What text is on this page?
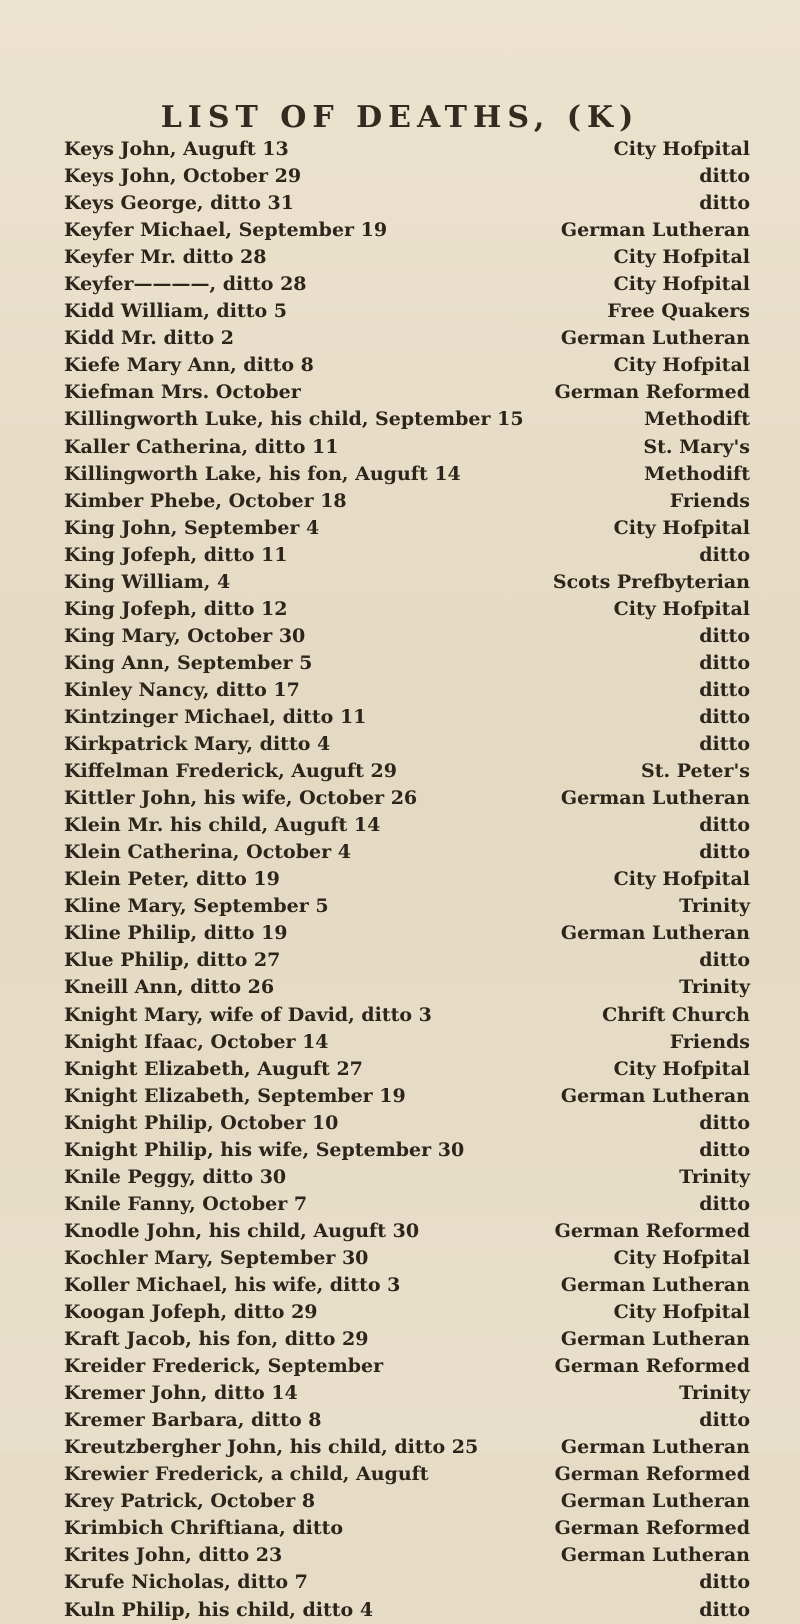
LIST OF DEATHS, (K)
Keys John, Auguft 13	City Hofpital
Keys John, October 29	ditto
Keys George, ditto 31	ditto
Keyfer Michael, September 19	German Lutheran
Keyfer Mr. ditto 28	City Hofpital
Keyfer————, ditto 28	City Hofpital
Kidd William, ditto 5	Free Quakers
Kidd Mr. ditto 2	German Lutheran
Kiefe Mary Ann, ditto 8	City Hofpital
Kiefman Mrs. October	German Reformed
Killingworth Luke, his child, September 15	Methodift
Kaller Catherina, ditto 11	St. Mary's
Killingworth Lake, his fon, Auguft 14	Methodift
Kimber Phebe, October 18	Friends
King John, September 4	City Hofpital
King Jofeph, ditto 11	ditto
King William, 4	Scots Prefbyterian
King Jofeph, ditto 12	City Hofpital
King Mary, October 30	ditto
King Ann, September 5	ditto
Kinley Nancy, ditto 17	ditto
Kintzinger Michael, ditto 11	ditto
Kirkpatrick Mary, ditto 4	ditto
Kiffelman Frederick, Auguft 29	St. Peter's
Kittler John, his wife, October 26	German Lutheran
Klein Mr. his child, Auguft 14	ditto
Klein Catherina, October 4	ditto
Klein Peter, ditto 19	City Hofpital
Kline Mary, September 5	Trinity
Kline Philip, ditto 19	German Lutheran
Klue Philip, ditto 27	ditto
Kneill Ann, ditto 26	Trinity
Knight Mary, wife of David, ditto 3	Chrift Church
Knight Ifaac, October 14	Friends
Knight Elizabeth, Auguft 27	City Hofpital
Knight Elizabeth, September 19	German Lutheran
Knight Philip, October 10	ditto
Knight Philip, his wife, September 30	ditto
Knile Peggy, ditto 30	Trinity
Knile Fanny, October 7	ditto
Knodle John, his child, Auguft 30	German Reformed
Kochler Mary, September 30	City Hofpital
Koller Michael, his wife, ditto 3	German Lutheran
Koogan Jofeph, ditto 29	City Hofpital
Kraft Jacob, his fon, ditto 29	German Lutheran
Kreider Frederick, September	German Reformed
Kremer John, ditto 14	Trinity
Kremer Barbara, ditto 8	ditto
Kreutzbergher John, his child, ditto 25	German Lutheran
Krewier Frederick, a child, Auguft	German Reformed
Krey Patrick, October 8	German Lutheran
Krimbich Chriftiana, ditto	German Reformed
Krites John, ditto 23	German Lutheran
Krufe Nicholas, ditto 7	ditto
Kuln Philip, his child, ditto 4	ditto
